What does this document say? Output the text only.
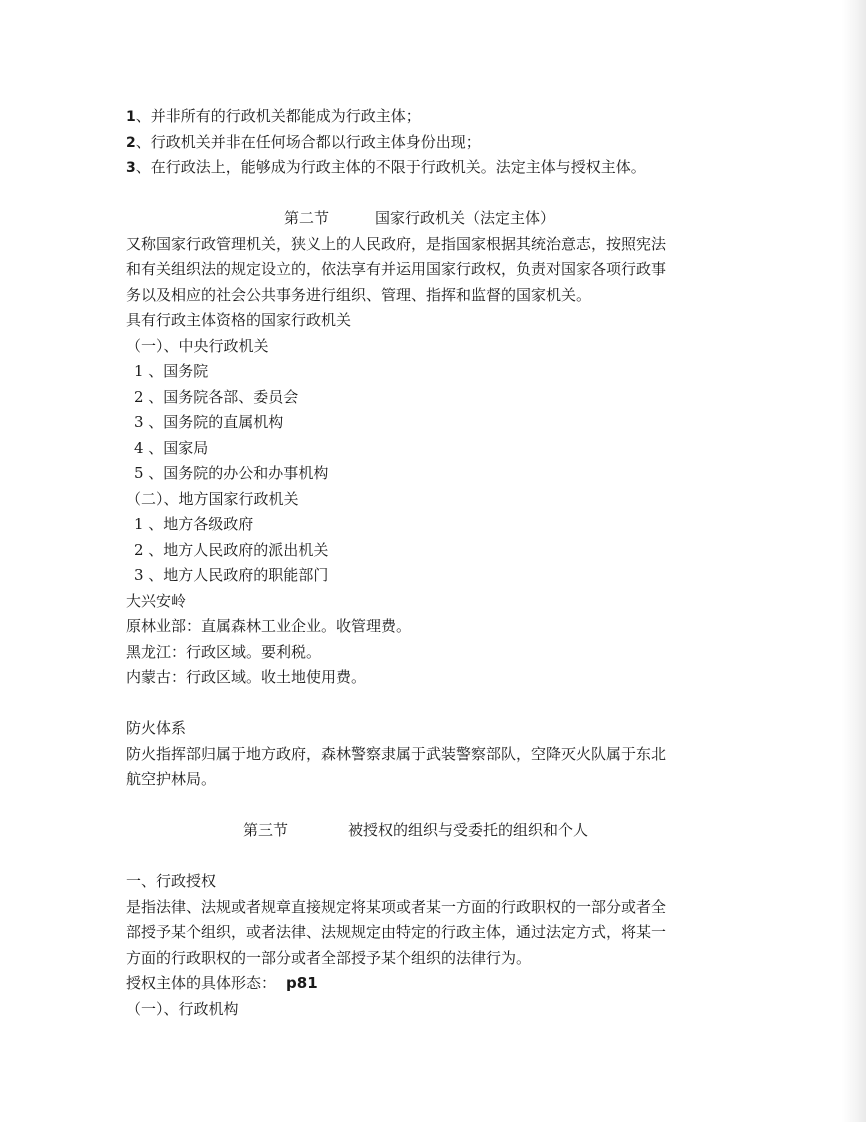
1、并非所有的行政机关都能成为行政主体；
2、行政机关并非在任何场合都以行政主体身份出现；
3、在行政法上，能够成为行政主体的不限于行政机关。法定主体与授权主体。
第二节	国家行政机关（法定主体）
又称国家行政管理机关，狭义上的人民政府，是指国家根据其统治意志，按照宪法
和有关组织法的规定设立的，依法享有并运用国家行政权，负责对国家各项行政事
务以及相应的社会公共事务进行组织、管理、指挥和监督的国家机关。
具有行政主体资格的国家行政机关
（一）、中央行政机关
1 、国务院
2 、国务院各部、委员会
3 、国务院的直属机构
4 、国家局
5 、国务院的办公和办事机构
（二）、地方国家行政机关
1 、地方各级政府
2 、地方人民政府的派出机关
3 、地方人民政府的职能部门
大兴安岭
原林业部：直属森林工业企业。收管理费。
黑龙江：行政区域。要利税。
内蒙古：行政区域。收土地使用费。
防火体系
防火指挥部归属于地方政府，森林警察隶属于武装警察部队，空降灭火队属于东北
航空护林局。
第三节	被授权的组织与受委托的组织和个人
一、行政授权
是指法律、法规或者规章直接规定将某项或者某一方面的行政职权的一部分或者全
部授予某个组织，或者法律、法规规定由特定的行政主体，通过法定方式，将某一
方面的行政职权的一部分或者全部授予某个组织的法律行为。
授权主体的具体形态： p81
（一）、行政机构
